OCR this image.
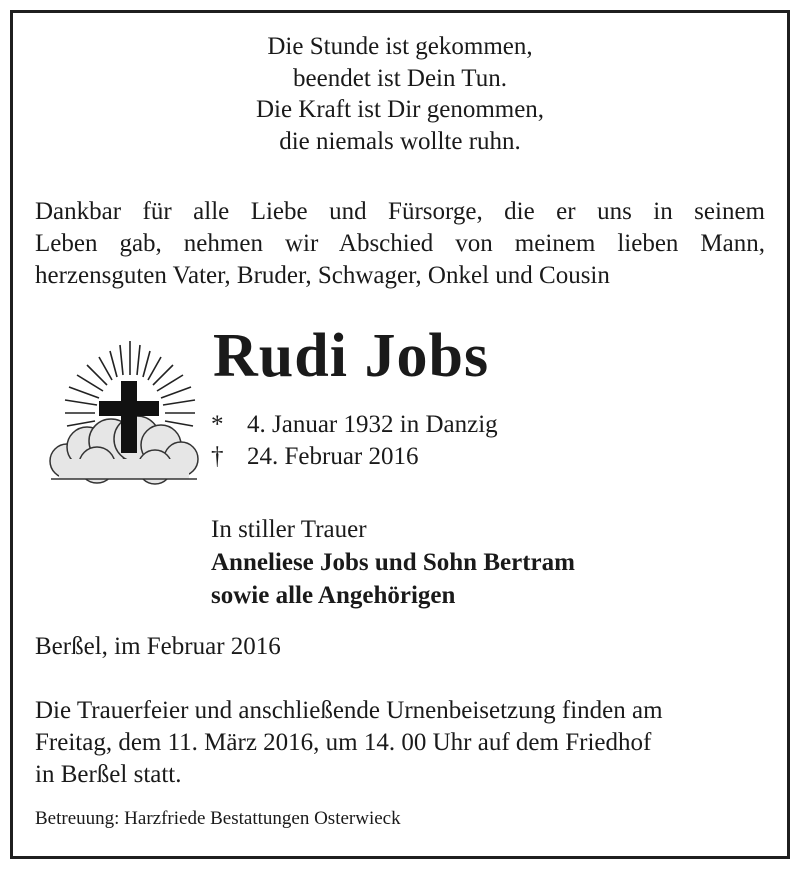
Die Stunde ist gekommen,
beendet ist Dein Tun.
Die Kraft ist Dir genommen,
die niemals wollte ruhn.
Dankbar für alle Liebe und Fürsorge, die er uns in seinem
Leben gab, nehmen wir Abschied von meinem lieben Mann,
herzensguten Vater, Bruder, Schwager, Onkel und Cousin
Rudi Jobs
* 4. Januar 1932 in Danzig
† 24. Februar 2016
In stiller Trauer
Anneliese Jobs und Sohn Bertram
sowie alle Angehörigen
Berßel, im Februar 2016
Die Trauerfeier und anschließende Urnenbeisetzung finden am
Freitag, dem 11. März 2016, um 14. 00 Uhr auf dem Friedhof
in Berßel statt.
Betreuung: Harzfriede Bestattungen Osterwieck
